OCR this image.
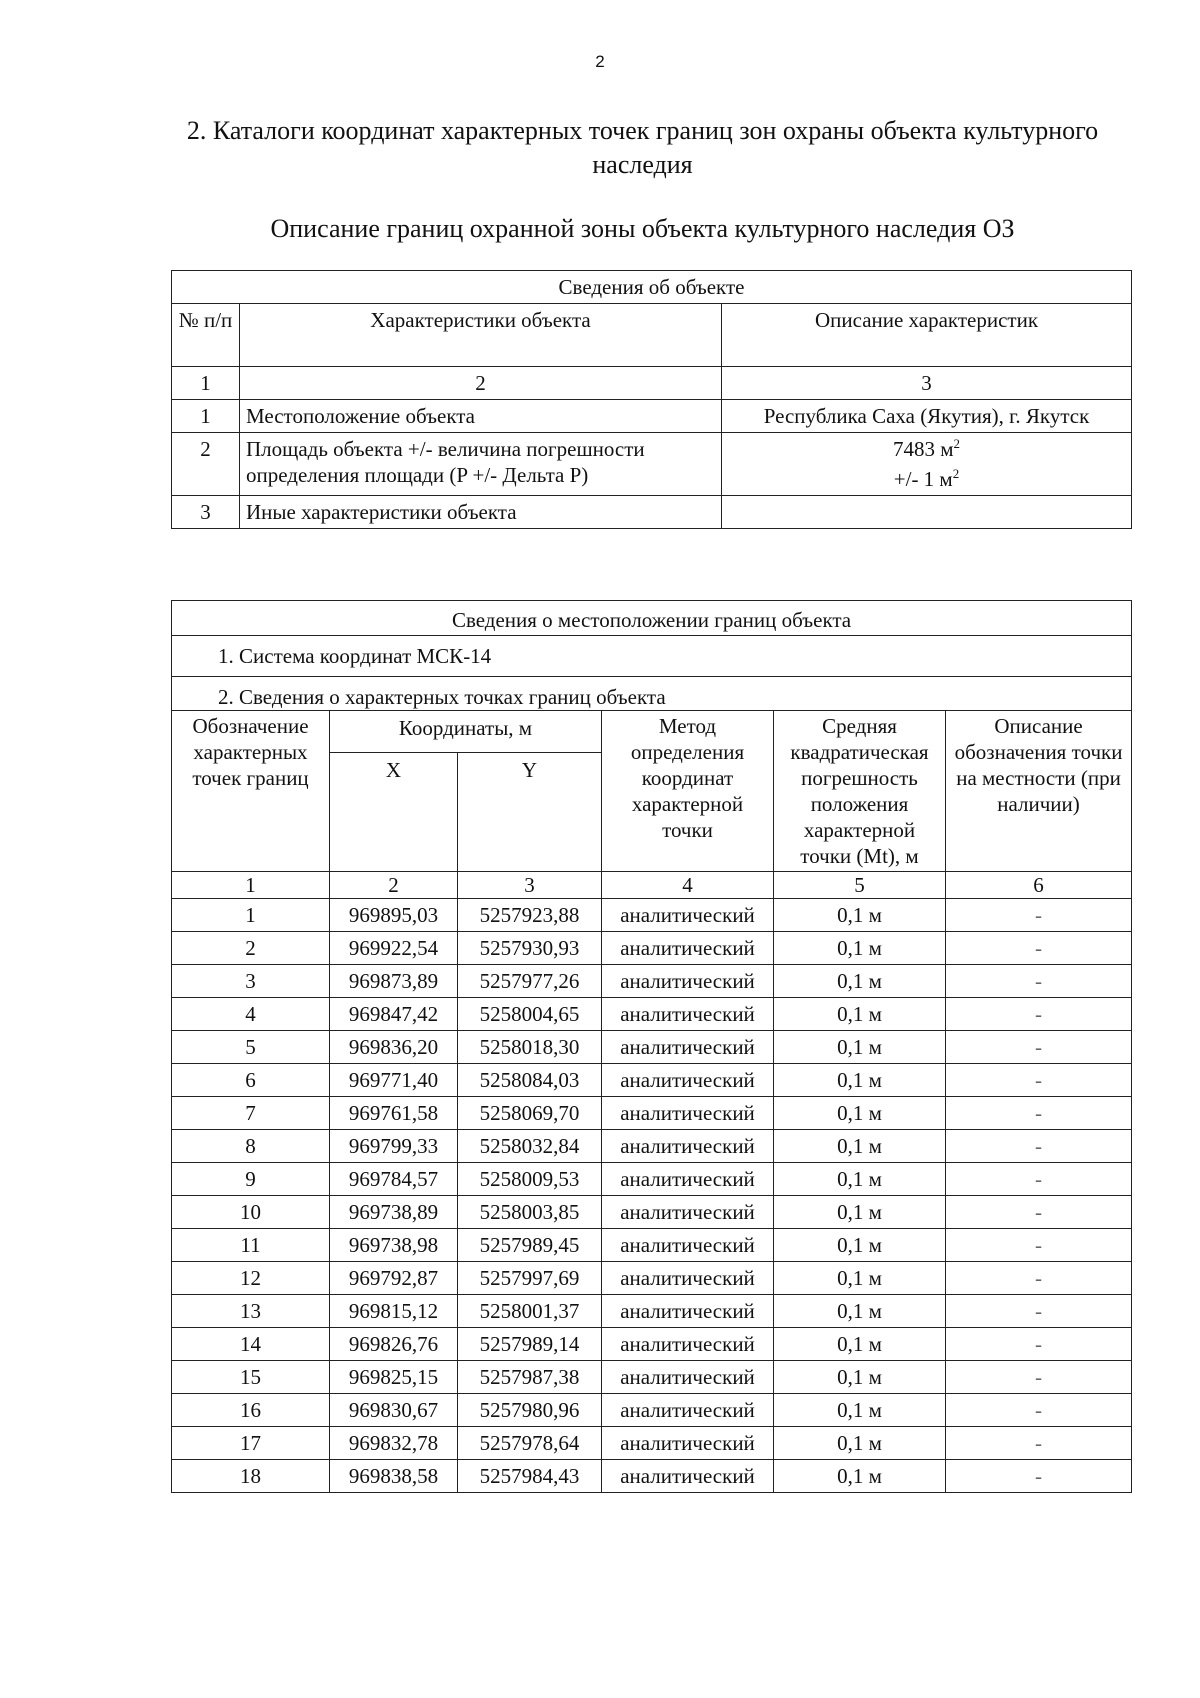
2
2. Каталоги координат характерных точек границ зон охраны объекта культурного наследия
Описание границ охранной зоны объекта культурного наследия ОЗ
Сведения об объекте		
№ п/п	Характеристики объекта	Описание характеристик
1	2	3
1	Местоположение объекта	Республика Саха (Якутия), г. Якутск
2	Площадь объекта +/- величина погрешности определения площади (P +/- Дельта P)	7483 $м^2$
+/- 1 $м^2$

3	Иные характеристики объекта	
Сведения о местоположении границ объекта					
1. Система координат МСК-14					
2. Сведения о характерных точках границ объекта					
Обозначение характерных точек границ	Координаты, м		Метод определения координат характерной точки	Средняя квадратическая погрешность положения характерной точки (Mt), м	Описание обозначения точки на местности (при наличии)
	X	Y			
1	2	3	4	5	6
1	969895,03	5257923,88	аналитический	0,1 м	-
2	969922,54	5257930,93	аналитический	0,1 м	-
3	969873,89	5257977,26	аналитический	0,1 м	-
4	969847,42	5258004,65	аналитический	0,1 м	-
5	969836,20	5258018,30	аналитический	0,1 м	-
6	969771,40	5258084,03	аналитический	0,1 м	-
7	969761,58	5258069,70	аналитический	0,1 м	-
8	969799,33	5258032,84	аналитический	0,1 м	-
9	969784,57	5258009,53	аналитический	0,1 м	-
10	969738,89	5258003,85	аналитический	0,1 м	-
11	969738,98	5257989,45	аналитический	0,1 м	-
12	969792,87	5257997,69	аналитический	0,1 м	-
13	969815,12	5258001,37	аналитический	0,1 м	-
14	969826,76	5257989,14	аналитический	0,1 м	-
15	969825,15	5257987,38	аналитический	0,1 м	-
16	969830,67	5257980,96	аналитический	0,1 м	-
17	969832,78	5257978,64	аналитический	0,1 м	-
18	969838,58	5257984,43	аналитический	0,1 м	-
